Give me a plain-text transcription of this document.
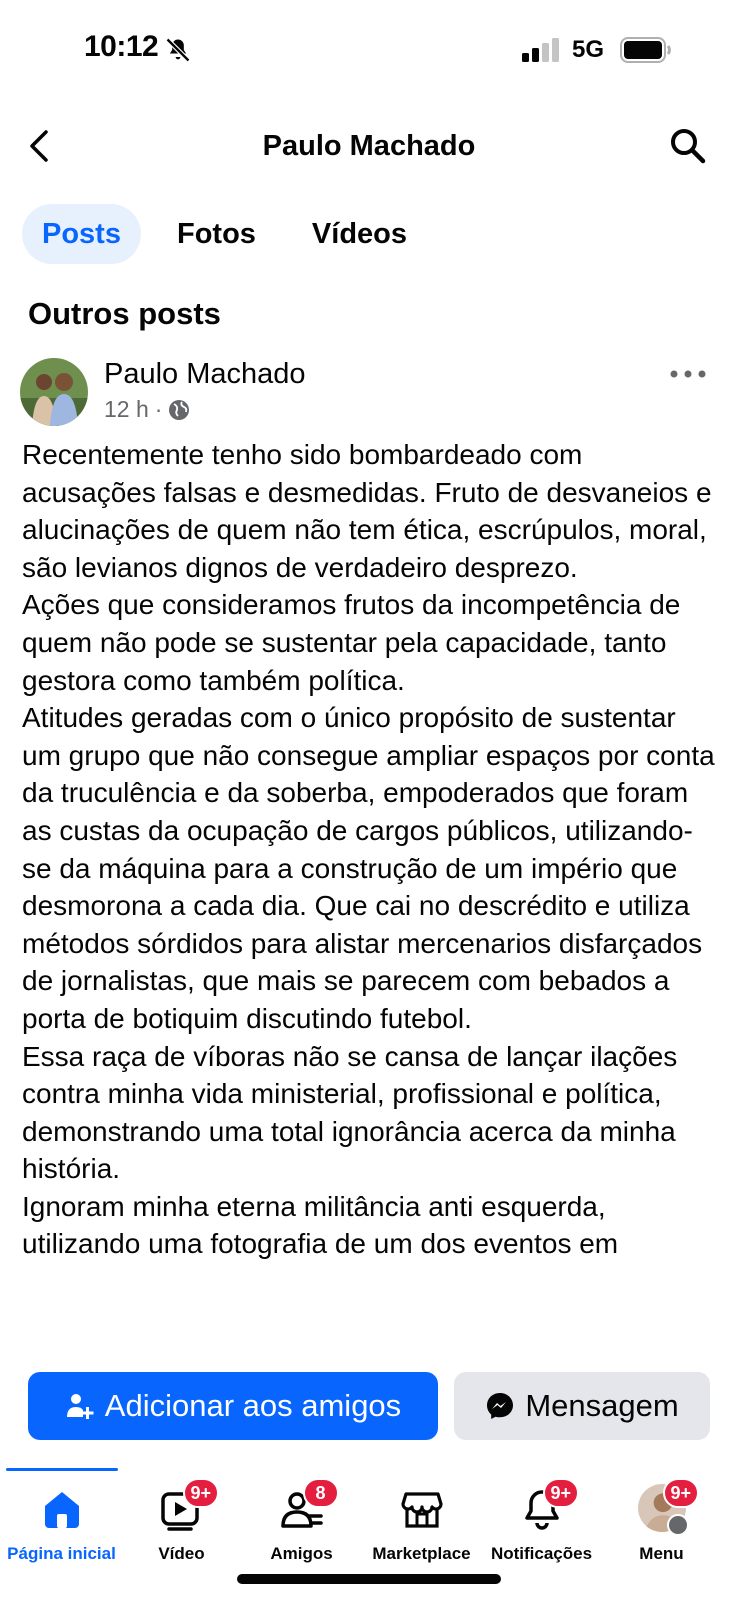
10:12	5G
Paulo Machado
Posts	Fotos	Vídeos
Outros posts
Paulo Machado
12 h ·

Recentemente tenho sido bombardeado com acusações falsas e desmedidas. Fruto de desvaneios e alucinações de quem não tem ética, escrúpulos, moral, são levianos dignos de verdadeiro desprezo.

Ações que consideramos frutos da incompetência de quem não pode se sustentar pela capacidade, tanto gestora como também política.

Atitudes geradas com o único propósito de sustentar um grupo que não consegue ampliar espaços por conta da truculência e da soberba, empoderados que foram as custas da ocupação de cargos públicos, utilizando-se da máquina para a construção de um império que desmorona a cada dia. Que cai no descrédito e utiliza métodos sórdidos para alistar mercenarios disfarçados de jornalistas, que mais se parecem com bebados a porta de botiquim discutindo futebol.

Essa raça de víboras não se cansa de lançar ilações contra minha vida ministerial, profissional e política, demonstrando uma total ignorância acerca da minha história.

Ignoram minha eterna militância anti esquerda, utilizando uma fotografia de um dos eventos em

Adicionar aos amigos	Mensagem
Página inicial
9+
Vídeo
8
Amigos	Marketplace
9+
Notificações
9+
Menu
